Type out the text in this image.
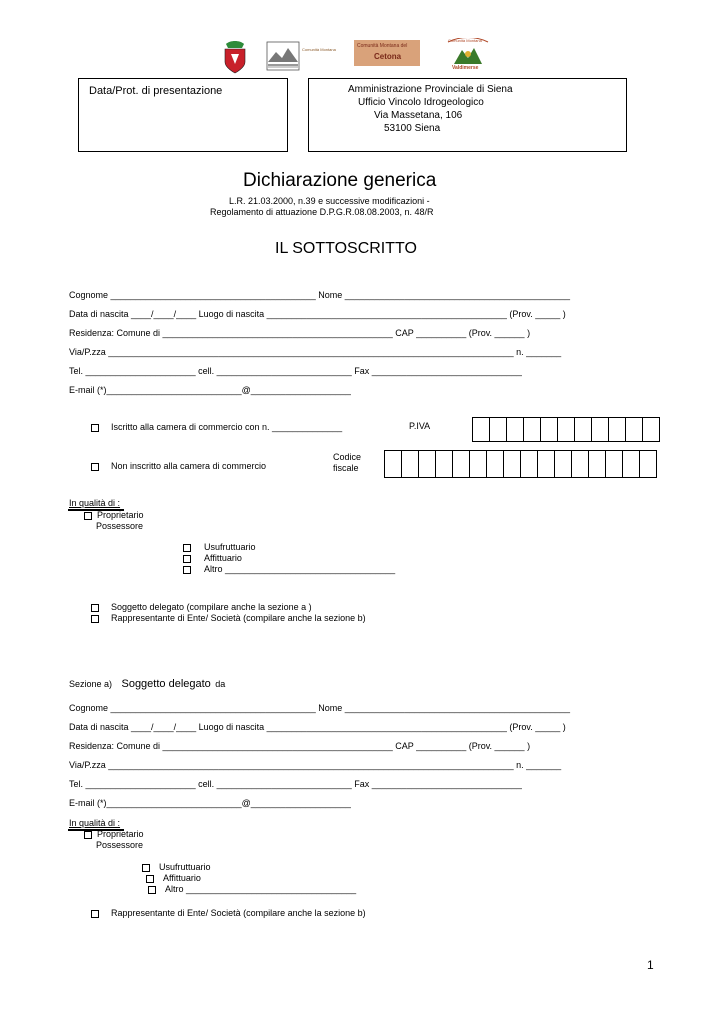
Comunità Montana
Comunità Montana del
Cetona
Comunità Montana
Valdimerse
Data/Prot. di presentazione	Amministrazione Provinciale di Siena
Ufficio Vincolo Idrogeologico
Via Massetana, 106
53100 Siena
Dichiarazione generica
L.R. 21.03.2000, n.39 e successive modificazioni -
Regolamento di attuazione D.P.G.R.08.08.2003, n. 48/R
IL SOTTOSCRITTO
Cognome _________________________________________ Nome _____________________________________________
Data di nascita ____/____/____ Luogo di nascita ________________________________________________ (Prov. _____ )
Residenza: Comune di ______________________________________________ CAP __________ (Prov. ______ )
Via/P.zza _________________________________________________________________________________ n. _______
Tel. ______________________ cell. ___________________________ Fax ______________________________
E-mail (*)___________________________@____________________
Iscritto alla camera di commercio con n. ______________	P.IVA
Non inscritto alla camera di commercio
Codice
fiscale
In qualità di :
Proprietario
Possessore
Usufruttuario
Affittuario
Altro __________________________________
Soggetto delegato (compilare anche la sezione a )
Rappresentante di Ente/ Società (compilare anche la sezione b)
Sezione a) Soggetto delegato da
Cognome _________________________________________ Nome _____________________________________________
Data di nascita ____/____/____ Luogo di nascita ________________________________________________ (Prov. _____ )
Residenza: Comune di ______________________________________________ CAP __________ (Prov. ______ )
Via/P.zza _________________________________________________________________________________ n. _______
Tel. ______________________ cell. ___________________________ Fax ______________________________
E-mail (*)___________________________@____________________
In qualità di :
Proprietario
Possessore
Usufruttuario
Affittuario
Altro __________________________________
Rappresentante di Ente/ Società (compilare anche la sezione b)
1
